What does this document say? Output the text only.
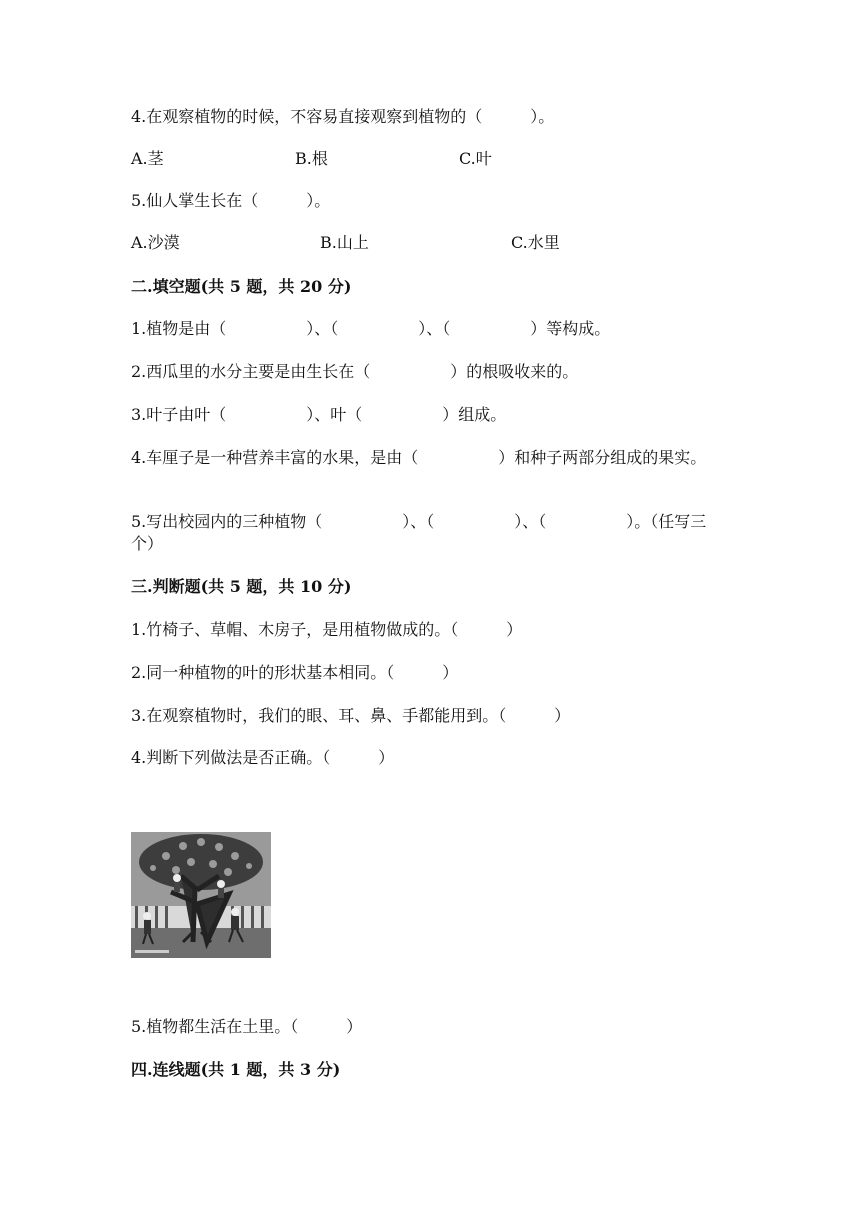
4.在观察植物的时候，不容易直接观察到植物的（　　　）。
A.茎	B.根	C.叶
5.仙人掌生长在（　　　）。
A.沙漠	B.山上	C.水里
二.填空题(共 5 题，共 20 分)
1.植物是由（　　　　　）、（　　　　　）、（　　　　　）等构成。
2.西瓜里的水分主要是由生长在（　　　　　）的根吸收来的。
3.叶子由叶（　　　　　）、叶（　　　　　）组成。
4.车厘子是一种营养丰富的水果，是由（　　　　　）和种子两部分组成的果实。
5.写出校园内的三种植物（　　　　　）、（　　　　　）、（　　　　　）。（任写三个）
三.判断题(共 5 题，共 10 分)
1.竹椅子、草帽、木房子，是用植物做成的。（　　　）
2.同一种植物的叶的形状基本相同。（　　　）
3.在观察植物时，我们的眼、耳、鼻、手都能用到。（　　　）
4.判断下列做法是否正确。（　　　）
5.植物都生活在土里。（　　　）
四.连线题(共 1 题，共 3 分)
